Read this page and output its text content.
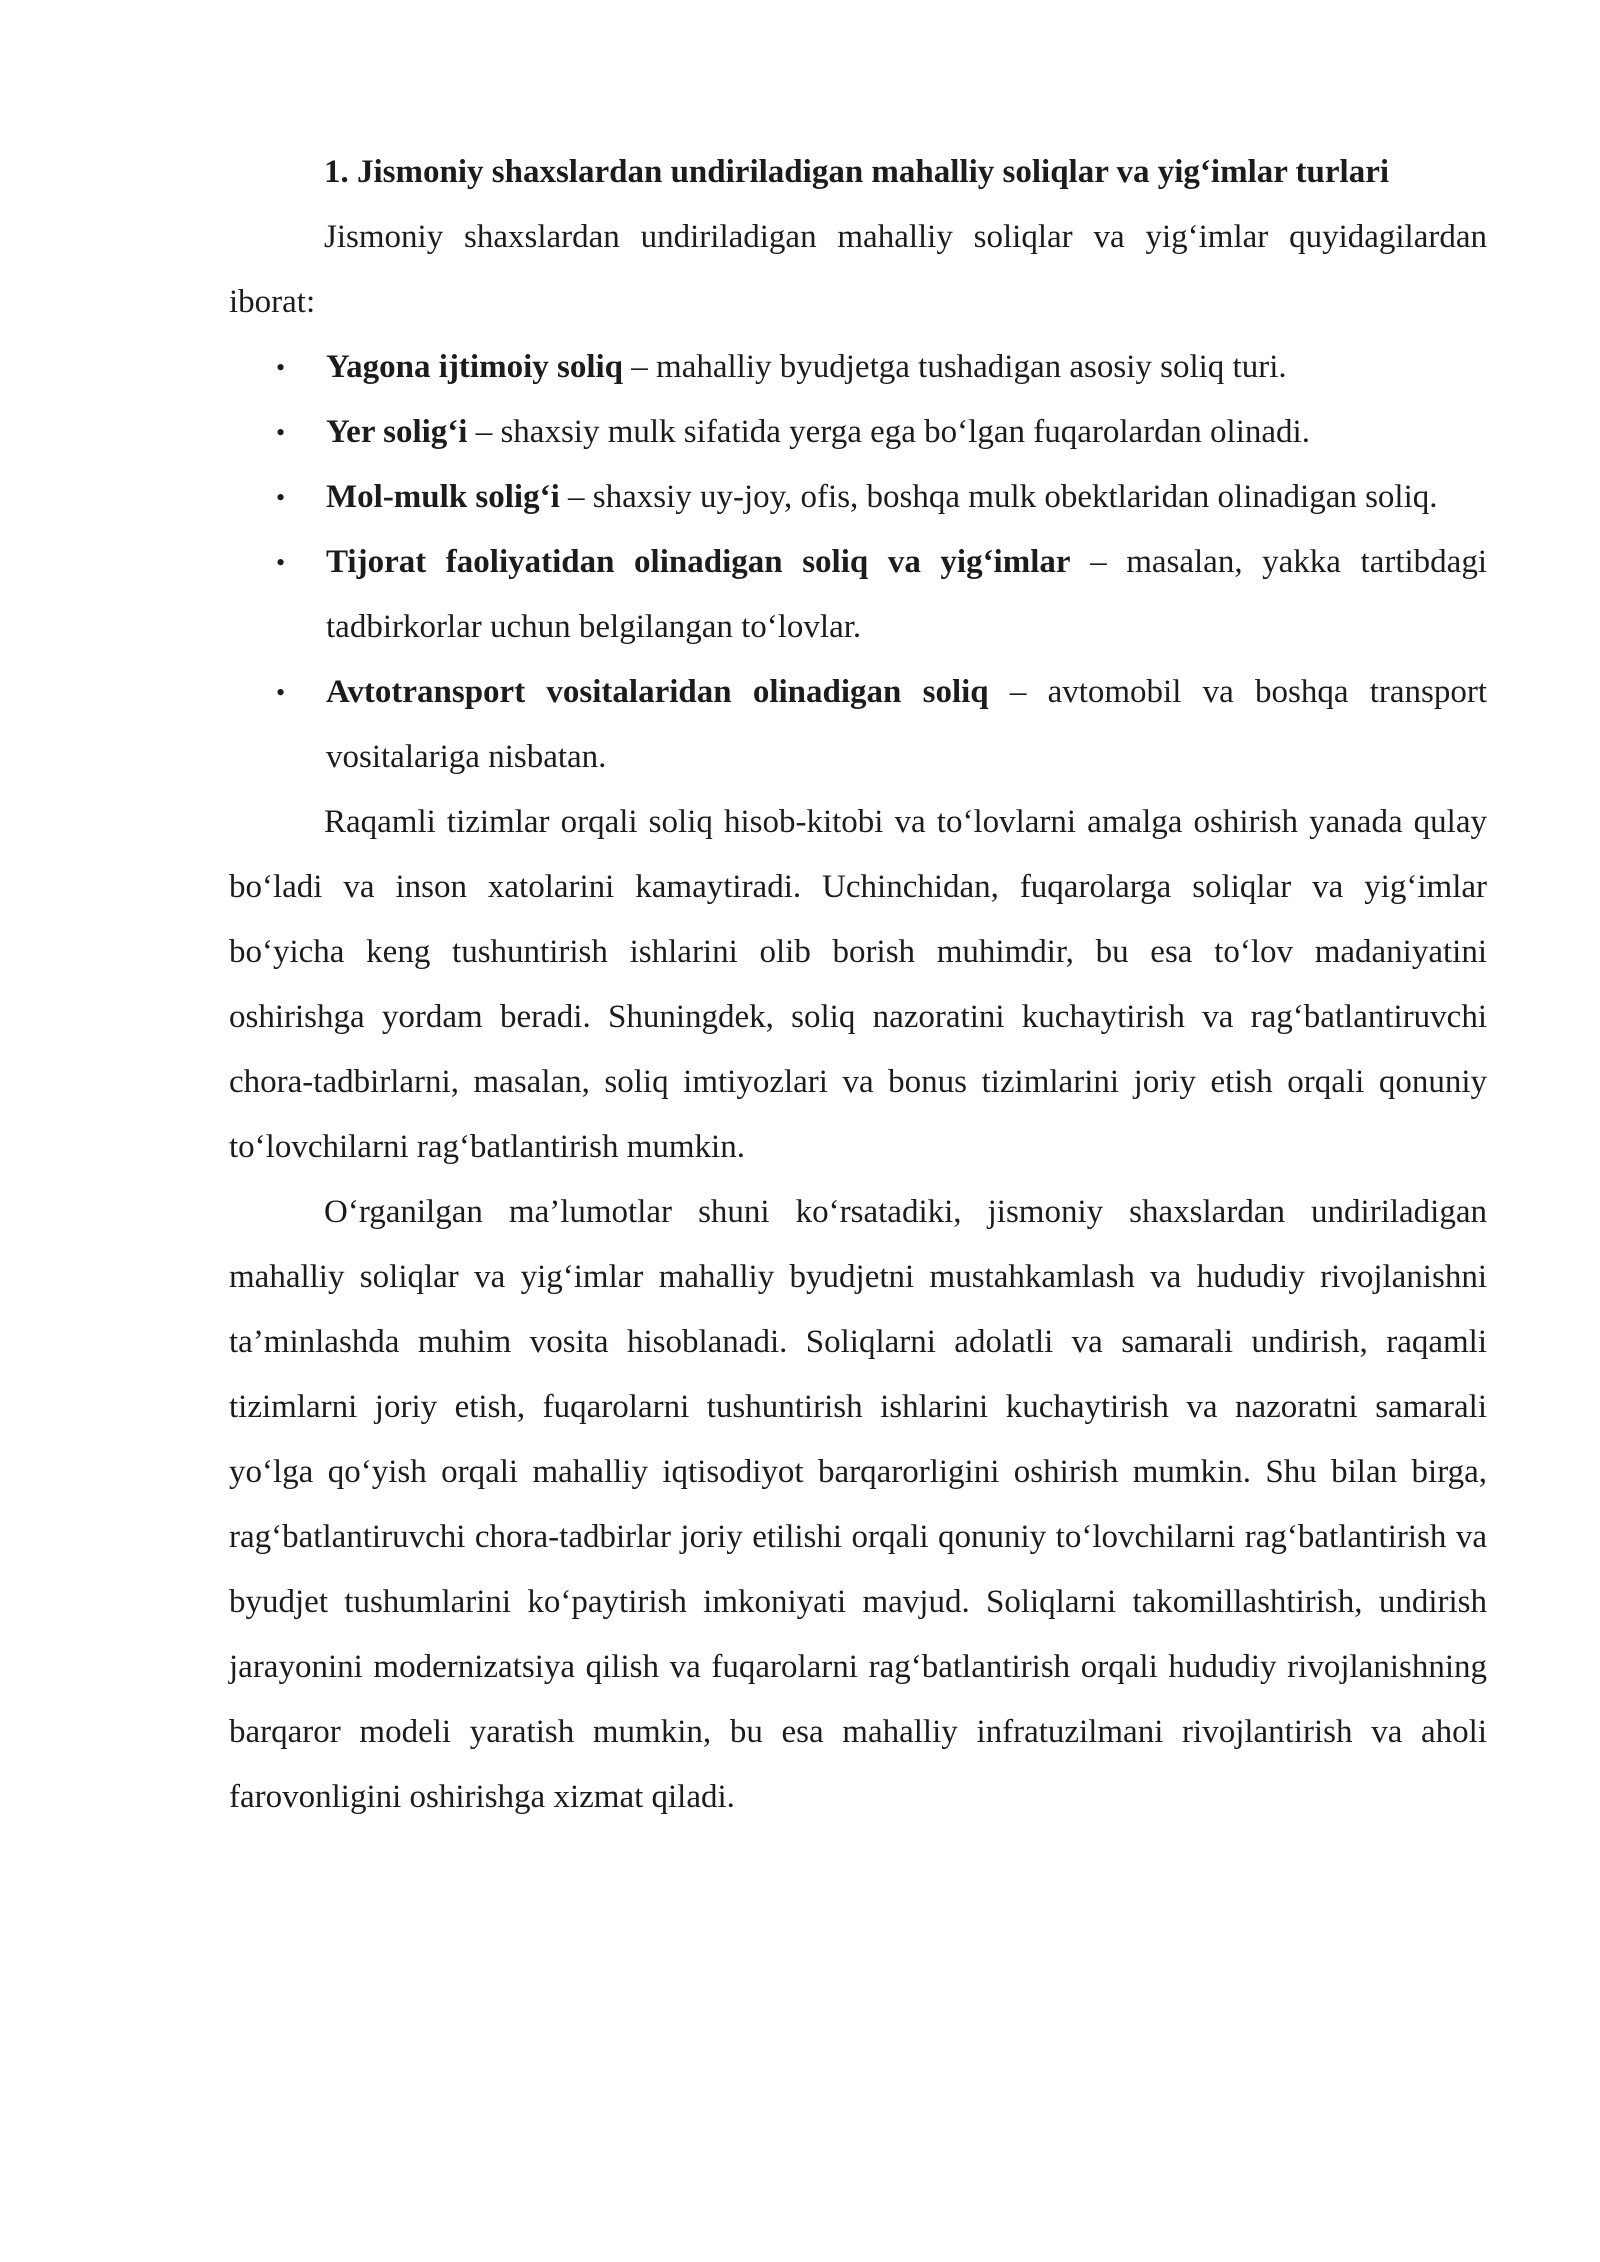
1. Jismoniy shaxslardan undiriladigan mahalliy soliqlar va yig‘imlar turlari

Jismoniy shaxslardan undiriladigan mahalliy soliqlar va yig‘imlar quyidagilardan iborat:

• Yagona ijtimoiy soliq – mahalliy byudjetga tushadigan asosiy soliq turi.
• Yer solig‘i – shaxsiy mulk sifatida yerga ega bo‘lgan fuqarolardan olinadi.
• Mol-mulk solig‘i – shaxsiy uy-joy, ofis, boshqa mulk obektlaridan olinadigan soliq.
• Tijorat faoliyatidan olinadigan soliq va yig‘imlar – masalan, yakka tartibdagi tadbirkorlar uchun belgilangan to‘lovlar.
• Avtotransport vositalaridan olinadigan soliq – avtomobil va boshqa transport vositalariga nisbatan.

Raqamli tizimlar orqali soliq hisob-kitobi va to‘lovlarni amalga oshirish yanada qulay bo‘ladi va inson xatolarini kamaytiradi. Uchinchidan, fuqarolarga soliqlar va yig‘imlar bo‘yicha keng tushuntirish ishlarini olib borish muhimdir, bu esa to‘lov madaniyatini oshirishga yordam beradi. Shuningdek, soliq nazoratini kuchaytirish va rag‘batlantiruvchi chora-tadbirlarni, masalan, soliq imtiyozlari va bonus tizimlarini joriy etish orqali qonuniy to‘lovchilarni rag‘batlantirish mumkin.

O‘rganilgan ma’lumotlar shuni ko‘rsatadiki, jismoniy shaxslardan undiriladigan mahalliy soliqlar va yig‘imlar mahalliy byudjetni mustahkamlash va hududiy rivojlanishni ta’minlashda muhim vosita hisoblanadi. Soliqlarni adolatli va samarali undirish, raqamli tizimlarni joriy etish, fuqarolarni tushuntirish ishlarini kuchaytirish va nazoratni samarali yo‘lga qo‘yish orqali mahalliy iqtisodiyot barqarorligini oshirish mumkin. Shu bilan birga, rag‘batlantiruvchi chora-tadbirlar joriy etilishi orqali qonuniy to‘lovchilarni rag‘batlantirish va byudjet tushumlarini ko‘paytirish imkoniyati mavjud. Soliqlarni takomillashtirish, undirish jarayonini modernizatsiya qilish va fuqarolarni rag‘batlantirish orqali hududiy rivojlanishning barqaror modeli yaratish mumkin, bu esa mahalliy infratuzilmani rivojlantirish va aholi farovonligini oshirishga xizmat qiladi.
